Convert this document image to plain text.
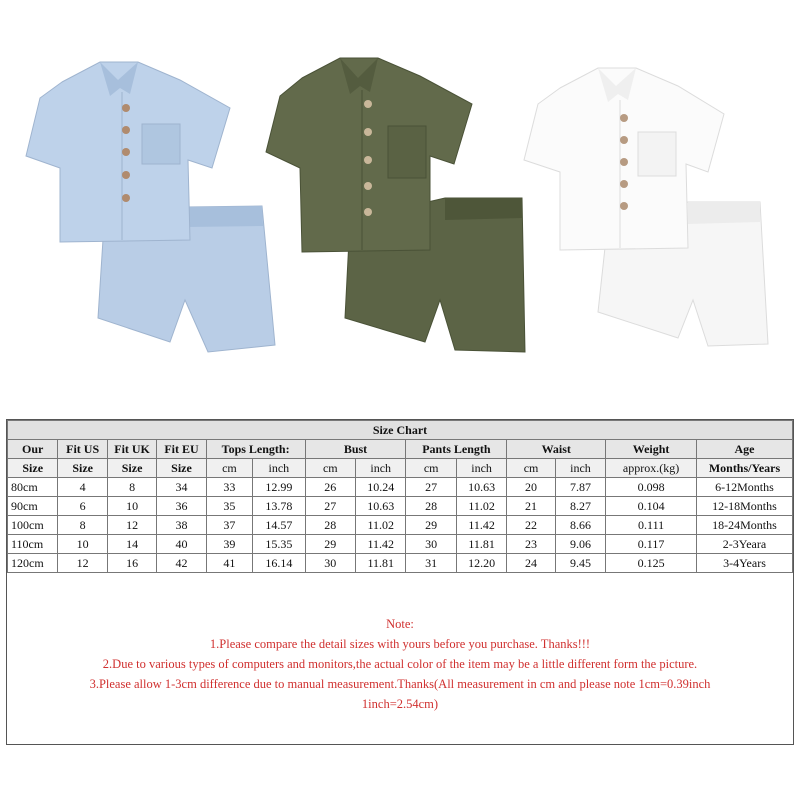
Size Chart													
Our	Fit US	Fit UK	Fit EU	Tops Length:		Bust		Pants Length		Waist		Weight	Age
Size	Size	Size	Size	cm	inch	cm	inch	cm	inch	cm	inch	approx.(kg)	Months/Years
80cm	4	8	34	33	12.99	26	10.24	27	10.63	20	7.87	0.098	6-12Months
90cm	6	10	36	35	13.78	27	10.63	28	11.02	21	8.27	0.104	12-18Months
100cm	8	12	38	37	14.57	28	11.02	29	11.42	22	8.66	0.111	18-24Months
110cm	10	14	40	39	15.35	29	11.42	30	11.81	23	9.06	0.117	2-3Yeara
120cm	12	16	42	41	16.14	30	11.81	31	12.20	24	9.45	0.125	3-4Years
Note:
1.Please compare the detail sizes with yours before you purchase. Thanks!!!
2.Due to various types of computers and monitors,the actual color of the item may be a little different form the picture.
3.Please allow 1-3cm difference due to manual measurement.Thanks(All measurement in cm and please note 1cm=0.39inch
1inch=2.54cm)
